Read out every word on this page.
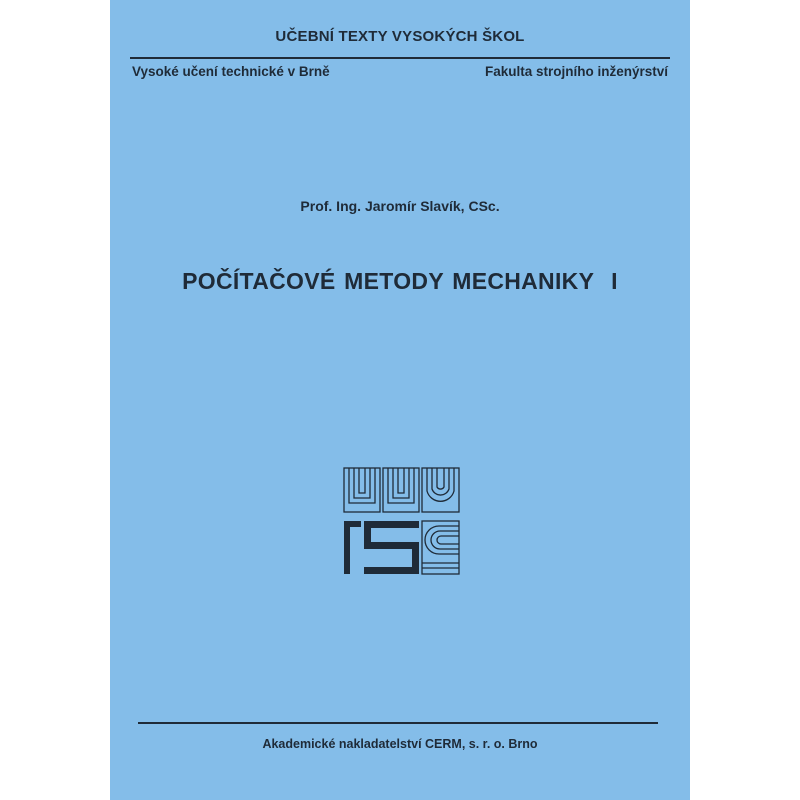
UČEBNÍ TEXTY VYSOKÝCH ŠKOL
Vysoké učení technické v Brně	Fakulta strojního inženýrství
Prof. Ing. Jaromír Slavík, CSc.
POČÍTAČOVÉ METODY MECHANIKY  I
Akademické nakladatelství CERM, s. r. o. Brno
